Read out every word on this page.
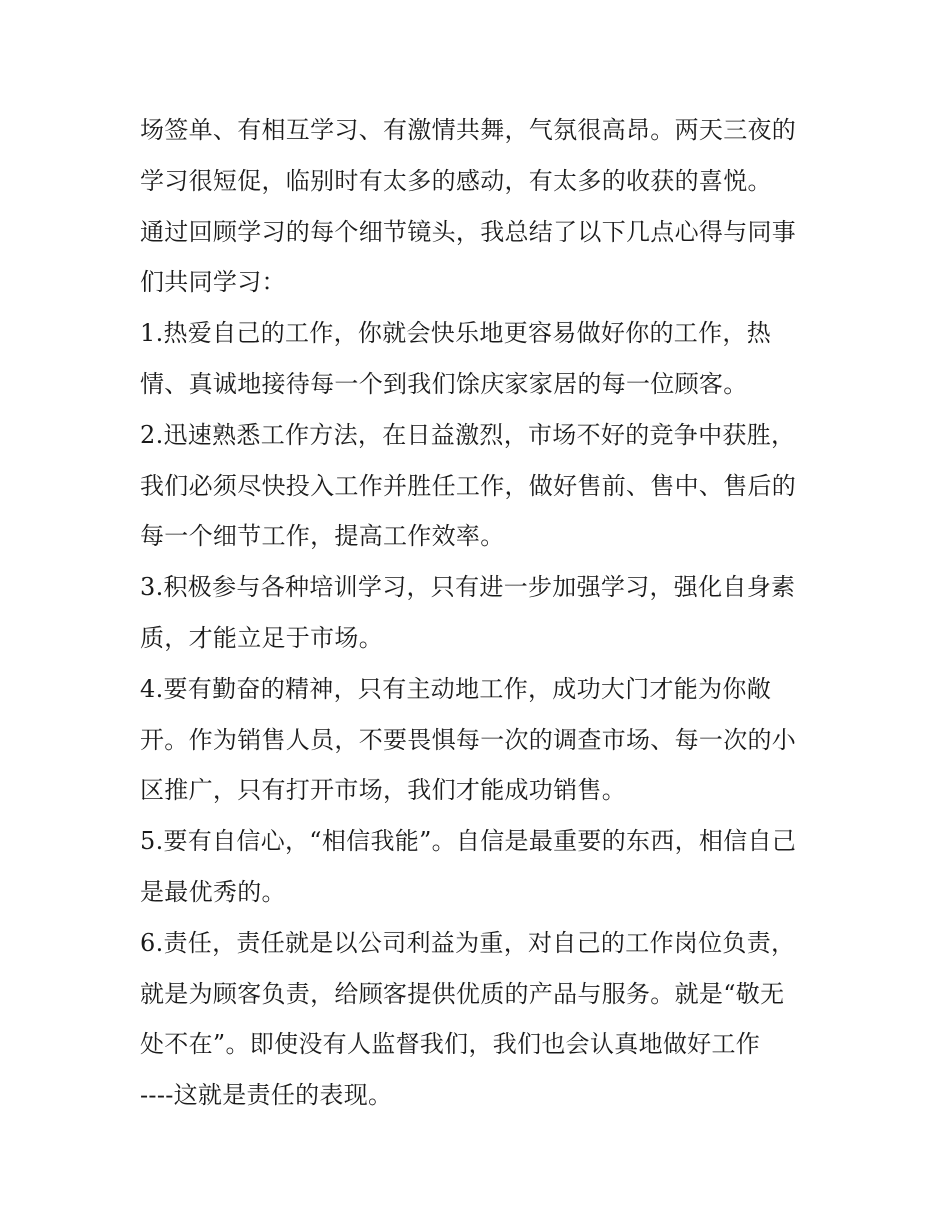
场签单、有相互学习、有激情共舞，气氛很高昂。两天三夜的
学习很短促，临别时有太多的感动，有太多的收获的喜悦。
通过回顾学习的每个细节镜头，我总结了以下几点心得与同事
们共同学习：
1.热爱自己的工作，你就会快乐地更容易做好你的工作，热
情、真诚地接待每一个到我们馀庆家家居的每一位顾客。
2.迅速熟悉工作方法，在日益激烈，市场不好的竞争中获胜，
我们必须尽快投入工作并胜任工作，做好售前、售中、售后的
每一个细节工作，提高工作效率。
3.积极参与各种培训学习，只有进一步加强学习，强化自身素
质，才能立足于市场。
4.要有勤奋的精神，只有主动地工作，成功大门才能为你敞
开。作为销售人员，不要畏惧每一次的调查市场、每一次的小
区推广，只有打开市场，我们才能成功销售。
5.要有自信心，“相信我能”。自信是最重要的东西，相信自己
是最优秀的。
6.责任，责任就是以公司利益为重，对自己的工作岗位负责，
就是为顾客负责，给顾客提供优质的产品与服务。就是“敬无
处不在”。即使没有人监督我们，我们也会认真地做好工作
----这就是责任的表现。
